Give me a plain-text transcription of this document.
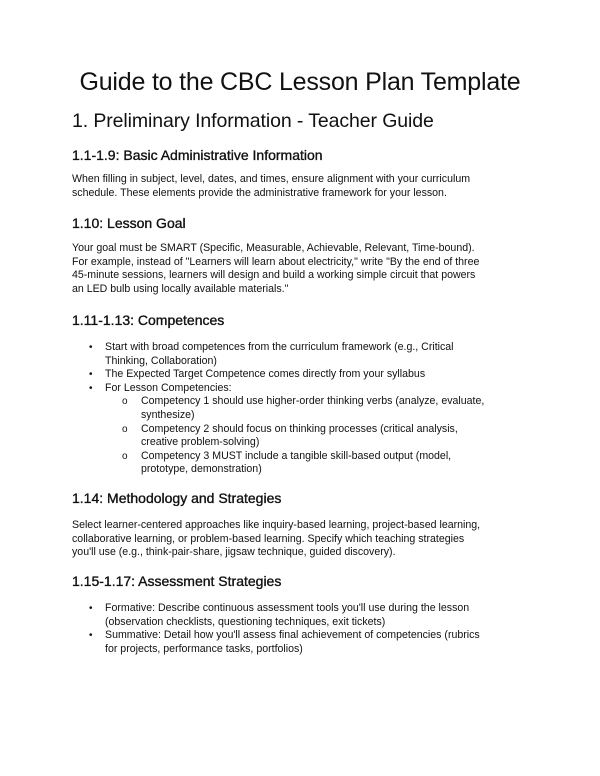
Guide to the CBC Lesson Plan Template
1. Preliminary Information - Teacher Guide
1.1-1.9: Basic Administrative Information

When filling in subject, level, dates, and times, ensure alignment with your curriculum
schedule. These elements provide the administrative framework for your lesson.

1.10: Lesson Goal

Your goal must be SMART (Specific, Measurable, Achievable, Relevant, Time-bound).
For example, instead of "Learners will learn about electricity," write "By the end of three
45-minute sessions, learners will design and build a working simple circuit that powers
an LED bulb using locally available materials."

1.11-1.13: Competences
• Start with broad competences from the curriculum framework (e.g., Critical
Thinking, Collaboration)
• The Expected Target Competence comes directly from your syllabus
• For Lesson Competencies:
o Competency 1 should use higher-order thinking verbs (analyze, evaluate,
synthesize)
o Competency 2 should focus on thinking processes (critical analysis,
creative problem-solving)
o Competency 3 MUST include a tangible skill-based output (model,
prototype, demonstration)
1.14: Methodology and Strategies

Select learner-centered approaches like inquiry-based learning, project-based learning,
collaborative learning, or problem-based learning. Specify which teaching strategies
you'll use (e.g., think-pair-share, jigsaw technique, guided discovery).

1.15-1.17: Assessment Strategies
• Formative: Describe continuous assessment tools you'll use during the lesson
(observation checklists, questioning techniques, exit tickets)
• Summative: Detail how you'll assess final achievement of competencies (rubrics
for projects, performance tasks, portfolios)
